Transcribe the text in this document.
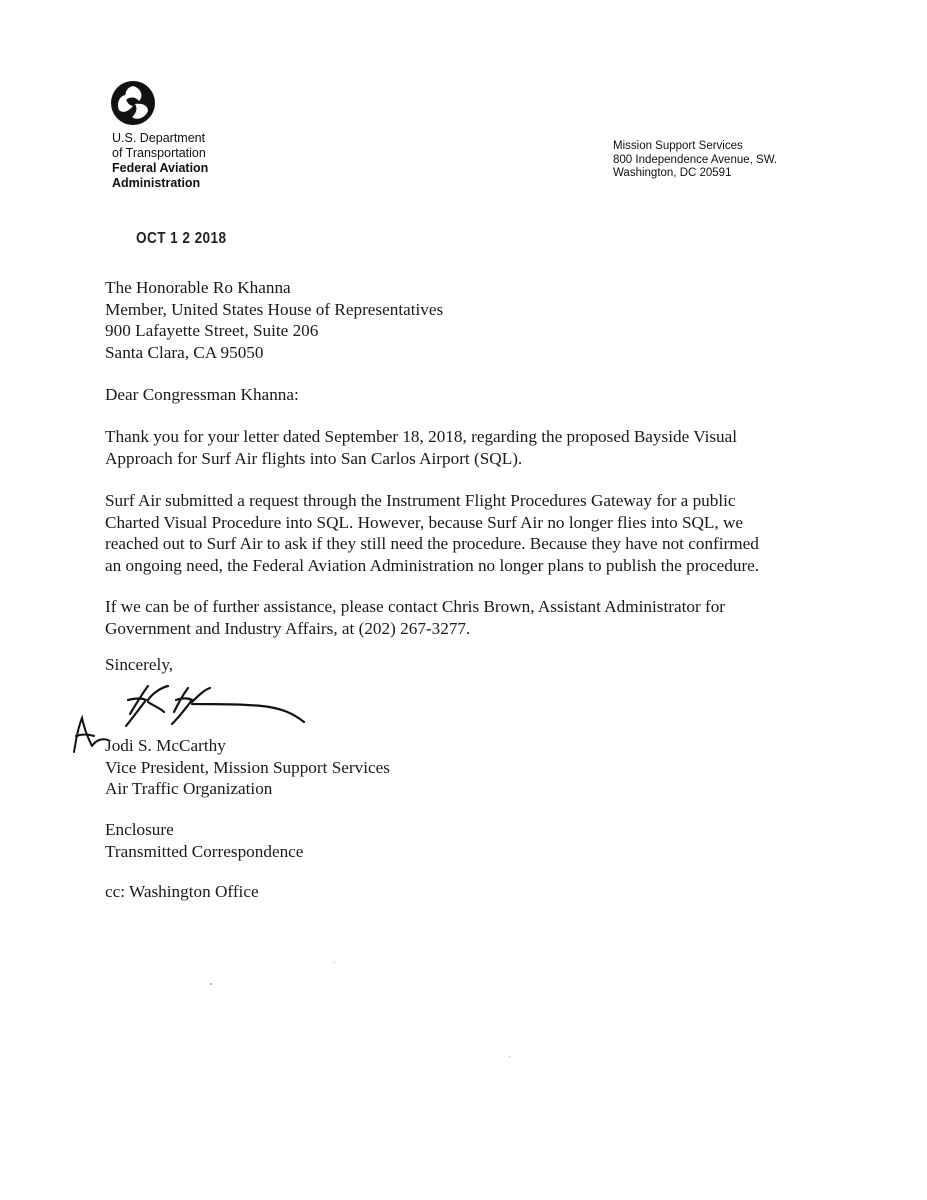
U.S. Department
of Transportation
Federal Aviation
Administration
Mission Support Services
800 Independence Avenue, SW.
Washington, DC 20591
OCT 1 2 2018
The Honorable Ro Khanna
Member, United States House of Representatives
900 Lafayette Street, Suite 206
Santa Clara, CA 95050
Dear Congressman Khanna:
Thank you for your letter dated September 18, 2018, regarding the proposed Bayside Visual
Approach for Surf Air flights into San Carlos Airport (SQL).
Surf Air submitted a request through the Instrument Flight Procedures Gateway for a public
Charted Visual Procedure into SQL. However, because Surf Air no longer flies into SQL, we
reached out to Surf Air to ask if they still need the procedure. Because they have not confirmed
an ongoing need, the Federal Aviation Administration no longer plans to publish the procedure.
If we can be of further assistance, please contact Chris Brown, Assistant Administrator for
Government and Industry Affairs, at (202) 267-3277.
Sincerely,
Jodi S. McCarthy
Vice President, Mission Support Services
Air Traffic Organization
Enclosure
Transmitted Correspondence
cc: Washington Office
